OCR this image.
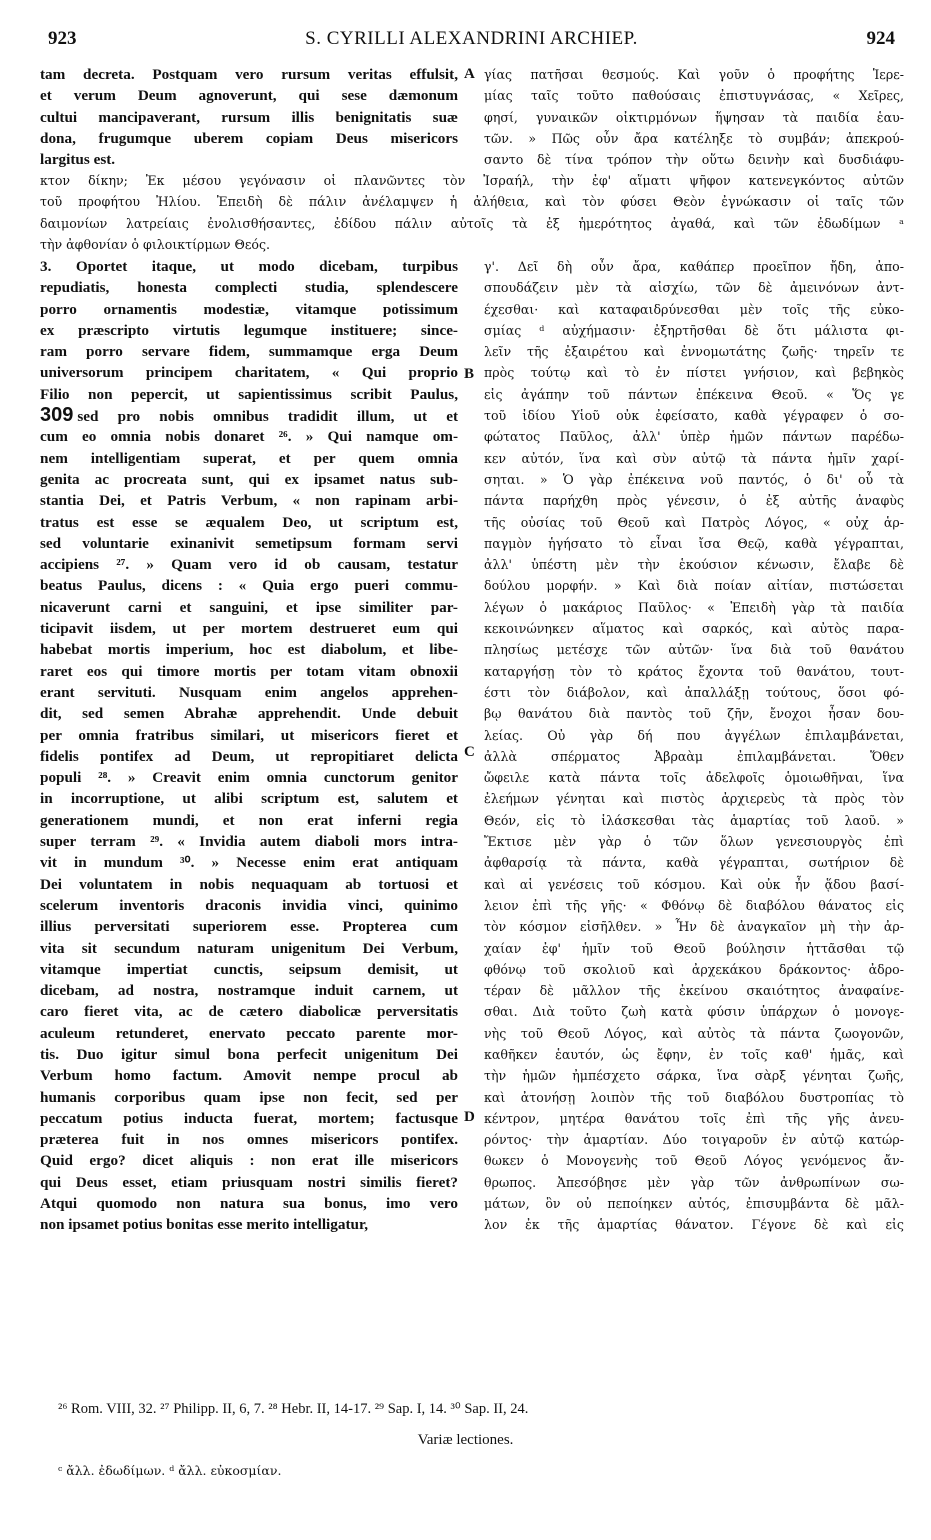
923	S. CYRILLI ALEXANDRINI ARCHIEP.	924
tam decreta. Postquam vero rursum veritas effulsit,
et verum Deum agnoverunt, qui sese dæmonum
cultui mancipaverant, rursum illis benignitatis suæ
dona, frugumque uberem copiam Deus misericors
largitus est.
γίας πατῆσαι θεσμούς. Καὶ γοῦν ὁ προφήτης Ἱερε-
μίας ταῖς τοῦτο παθούσαις ἐπιστυγνάσας, « Χεῖρες,
φησί, γυναικῶν οἰκτιρμόνων ἥψησαν τὰ παιδία ἑαυ-
τῶν. » Πῶς οὖν ἄρα κατέληξε τὸ συμβάν; ἀπεκρού-
σαντο δὲ τίνα τρόπον τὴν οὕτω δεινὴν καὶ δυσδιάφυ-
κτον δίκην; Ἐκ μέσου γεγόνασιν οἱ πλανῶντες τὸν Ἰσραήλ, τὴν ἐφ' αἵματι ψῆφον κατενεγκόντος αὐτῶν
τοῦ προφήτου Ἠλίου. Ἐπειδὴ δὲ πάλιν ἀνέλαμψεν ἡ ἀλήθεια, καὶ τὸν φύσει Θεὸν ἐγνώκασιν οἱ ταῖς τῶν
δαιμονίων λατρείαις ἐνολισθήσαντες, ἐδίδου πάλιν αὐτοῖς τὰ ἐξ ἡμερότητος ἀγαθά, καὶ τῶν ἐδωδίμων ᵃ
τὴν ἀφθονίαν ὁ φιλοικτίρμων Θεός.
3. Oportet itaque, ut modo dicebam, turpibus
repudiatis, honesta complecti studia, splendescere
porro ornamentis modestiæ, vitamque potissimum
ex præscripto virtutis legumque instituere; since-
ram porro servare fidem, summamque erga Deum
universorum principem charitatem, « Qui proprio
Filio non pepercit, ut sapientissimus scribit Paulus,
309 sed pro nobis omnibus tradidit illum, ut et
cum eo omnia nobis donaret ²⁶. » Qui namque om-
nem intelligentiam superat, et per quem omnia
genita ac procreata sunt, qui ex ipsamet natus sub-
stantia Dei, et Patris Verbum, « non rapinam arbi-
tratus est esse se æqualem Deo, ut scriptum est,
sed voluntarie exinanivit semetipsum formam servi
accipiens ²⁷. » Quam vero id ob causam, testatur
beatus Paulus, dicens : « Quia ergo pueri commu-
nicaverunt carni et sanguini, et ipse similiter par-
ticipavit iisdem, ut per mortem destrueret eum qui
habebat mortis imperium, hoc est diabolum, et libe-
raret eos qui timore mortis per totam vitam obnoxii
erant servituti. Nusquam enim angelos apprehen-
dit, sed semen Abrahæ apprehendit. Unde debuit
per omnia fratribus similari, ut misericors fieret et
fidelis pontifex ad Deum, ut repropitiaret delicta
populi ²⁸. » Creavit enim omnia cunctorum genitor
in incorruptione, ut alibi scriptum est, salutem et
generationem mundi, et non erat inferni regia
super terram ²⁹. « Invidia autem diaboli mors intra-
vit in mundum ³⁰. » Necesse enim erat antiquam
Dei voluntatem in nobis nequaquam ab tortuosi et
scelerum inventoris draconis invidia vinci, quinimo
illius perversitati superiorem esse. Propterea cum
vita sit secundum naturam unigenitum Dei Verbum,
vitamque impertiat cunctis, seipsum demisit, ut
dicebam, ad nostra, nostramque induit carnem, ut
caro fieret vita, ac de cætero diabolicæ perversitatis
aculeum retunderet, enervato peccato parente mor-
tis. Duo igitur simul bona perfecit unigenitum Dei
Verbum homo factum. Amovit nempe procul ab
humanis corporibus quam ipse non fecit, sed per
peccatum potius inducta fuerat, mortem; factusque
præterea fuit in nos omnes misericors pontifex.
Quid ergo? dicet aliquis : non erat ille misericors
qui Deus esset, etiam priusquam nostri similis fieret?
Atqui quomodo non natura sua bonus, imo vero
non ipsamet potius bonitas esse merito intelligatur,
γ'. Δεῖ δὴ οὖν ἄρα, καθάπερ προεῖπον ἤδη, ἀπο-
σπουδάζειν μὲν τὰ αἰσχίω, τῶν δὲ ἀμεινόνων ἀντ-
έχεσθαι· καὶ καταφαιδρύνεσθαι μὲν τοῖς τῆς εὐκο-
σμίας ᵈ αὐχήμασιν· ἐξηρτῆσθαι δὲ ὅτι μάλιστα φι-
λεῖν τῆς ἐξαιρέτου καὶ ἐννομωτάτης ζωῆς· τηρεῖν τε
πρὸς τούτῳ καὶ τὸ ἐν πίστει γνήσιον, καὶ βεβηκὸς
εἰς ἀγάπην τοῦ πάντων ἐπέκεινα Θεοῦ. « Ὅς γε
τοῦ ἰδίου Υἱοῦ οὐκ ἐφείσατο, καθὰ γέγραφεν ὁ σο-
φώτατος Παῦλος, ἀλλ' ὑπὲρ ἡμῶν πάντων παρέδω-
κεν αὐτόν, ἵνα καὶ σὺν αὐτῷ τὰ πάντα ἡμῖν χαρί-
σηται. » Ὁ γὰρ ἐπέκεινα νοῦ παντός, ὁ δι' οὗ τὰ
πάντα παρήχθη πρὸς γένεσιν, ὁ ἐξ αὐτῆς ἀναφὺς
τῆς οὐσίας τοῦ Θεοῦ καὶ Πατρὸς Λόγος, « οὐχ ἁρ-
παγμὸν ἡγήσατο τὸ εἶναι ἴσα Θεῷ, καθὰ γέγραπται,
ἀλλ' ὑπέστη μὲν τὴν ἑκούσιον κένωσιν, ἔλαβε δὲ
δούλου μορφήν. » Καὶ διὰ ποίαν αἰτίαν, πιστώσεται
λέγων ὁ μακάριος Παῦλος· « Ἐπειδὴ γὰρ τὰ παιδία
κεκοινώνηκεν αἵματος καὶ σαρκός, καὶ αὐτὸς παρα-
πλησίως μετέσχε τῶν αὐτῶν· ἵνα διὰ τοῦ θανάτου
καταργήσῃ τὸν τὸ κράτος ἔχοντα τοῦ θανάτου, τουτ-
έστι τὸν διάβολον, καὶ ἀπαλλάξῃ τούτους, ὅσοι φό-
βῳ θανάτου διὰ παντὸς τοῦ ζῆν, ἔνοχοι ἦσαν δου-
λείας. Οὐ γὰρ δή που ἀγγέλων ἐπιλαμβάνεται,
ἀλλὰ σπέρματος Ἀβραὰμ ἐπιλαμβάνεται. Ὅθεν
ὤφειλε κατὰ πάντα τοῖς ἀδελφοῖς ὁμοιωθῆναι, ἵνα
ἐλεήμων γένηται καὶ πιστὸς ἀρχιερεὺς τὰ πρὸς τὸν
Θεόν, εἰς τὸ ἱλάσκεσθαι τὰς ἁμαρτίας τοῦ λαοῦ. »
Ἔκτισε μὲν γὰρ ὁ τῶν ὅλων γενεσιουργὸς ἐπὶ
ἀφθαρσίᾳ τὰ πάντα, καθὰ γέγραπται, σωτήριον δὲ
καὶ αἱ γενέσεις τοῦ κόσμου. Καὶ οὐκ ἦν ᾅδου βασί-
λειον ἐπὶ τῆς γῆς· « Φθόνῳ δὲ διαβόλου θάνατος εἰς
τὸν κόσμον εἰσῆλθεν. » Ἦν δὲ ἀναγκαῖον μὴ τὴν ἀρ-
χαίαν ἐφ' ἡμῖν τοῦ Θεοῦ βούλησιν ἡττᾶσθαι τῷ
φθόνῳ τοῦ σκολιοῦ καὶ ἀρχεκάκου δράκοντος· ἀδρο-
τέραν δὲ μᾶλλον τῆς ἐκείνου σκαιότητος ἀναφαίνε-
σθαι. Διὰ τοῦτο ζωὴ κατὰ φύσιν ὑπάρχων ὁ μονογε-
νὴς τοῦ Θεοῦ Λόγος, καὶ αὐτὸς τὰ πάντα ζωογονῶν,
καθῆκεν ἑαυτόν, ὡς ἔφην, ἐν τοῖς καθ' ἡμᾶς, καὶ
τὴν ἡμῶν ἠμπέσχετο σάρκα, ἵνα σὰρξ γένηται ζωῆς,
καὶ ἀτονήσῃ λοιπὸν τῆς τοῦ διαβόλου δυστροπίας τὸ
κέντρον, μητέρα θανάτου τοῖς ἐπὶ τῆς γῆς ἀνευ-
ρόντος· τὴν ἁμαρτίαν. Δύο τοιγαροῦν ἐν αὐτῷ κατώρ-
θωκεν ὁ Μονογενὴς τοῦ Θεοῦ Λόγος γενόμενος ἄν-
θρωπος. Ἀπεσόβησε μὲν γὰρ τῶν ἀνθρωπίνων σω-
μάτων, ὃν οὐ πεποίηκεν αὐτός, ἐπισυμβάντα δὲ μᾶλ-
λον ἐκ τῆς ἁμαρτίας θάνατον. Γέγονε δὲ καὶ εἰς
A
B
C
D
²⁶ Rom. VIII, 32. ²⁷ Philipp. II, 6, 7. ²⁸ Hebr. II, 14-17. ²⁹ Sap. I, 14. ³⁰ Sap. II, 24.
Variæ lectiones.
ᶜ ἄλλ. ἐδωδίμων. ᵈ ἄλλ. εὐκοσμίαν.
